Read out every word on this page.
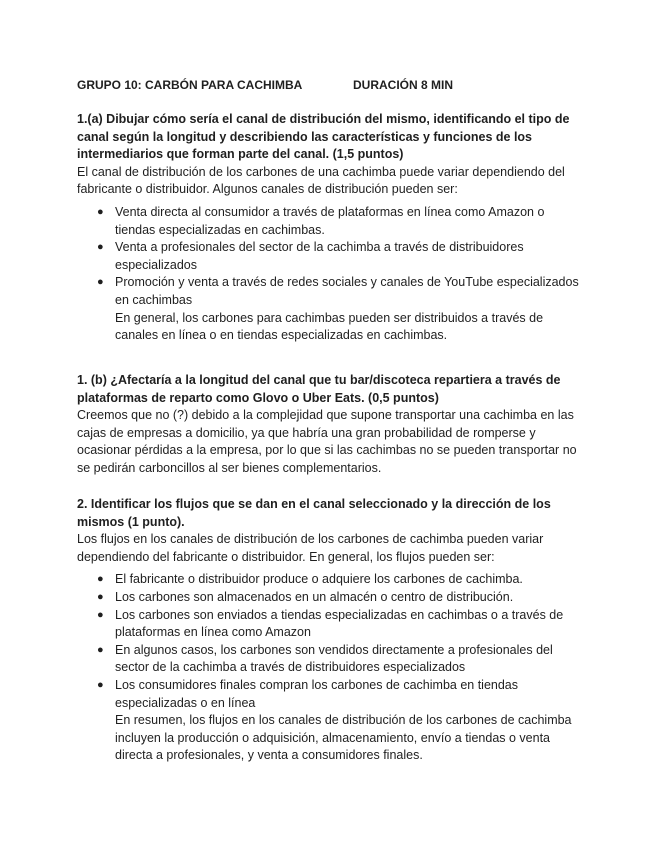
GRUPO 10: CARBÓN PARA CACHIMBA	DURACIÓN 8 MIN

1.(a) Dibujar cómo sería el canal de distribución del mismo, identificando el tipo de canal según la longitud y describiendo las características y funciones de los intermediarios que forman parte del canal. (1,5 puntos)

El canal de distribución de los carbones de una cachimba puede variar dependiendo del fabricante o distribuidor. Algunos canales de distribución pueden ser:

● Venta directa al consumidor a través de plataformas en línea como Amazon o tiendas especializadas en cachimbas.
● Venta a profesionales del sector de la cachimba a través de distribuidores especializados
● Promoción y venta a través de redes sociales y canales de YouTube especializados en cachimbas

En general, los carbones para cachimbas pueden ser distribuidos a través de canales en línea o en tiendas especializadas en cachimbas.

1. (b) ¿Afectaría a la longitud del canal que tu bar/discoteca repartiera a través de plataformas de reparto como Glovo o Uber Eats. (0,5 puntos)

Creemos que no (?) debido a la complejidad que supone transportar una cachimba en las cajas de empresas a domicilio, ya que habría una gran probabilidad de romperse y ocasionar pérdidas a la empresa, por lo que si las cachimbas no se pueden transportar no se pedirán carboncillos al ser bienes complementarios.

2. Identificar los flujos que se dan en el canal seleccionado y la dirección de los mismos (1 punto).

Los flujos en los canales de distribución de los carbones de cachimba pueden variar dependiendo del fabricante o distribuidor. En general, los flujos pueden ser:

● El fabricante o distribuidor produce o adquiere los carbones de cachimba.
● Los carbones son almacenados en un almacén o centro de distribución.
● Los carbones son enviados a tiendas especializadas en cachimbas o a través de plataformas en línea como Amazon
● En algunos casos, los carbones son vendidos directamente a profesionales del sector de la cachimba a través de distribuidores especializados
● Los consumidores finales compran los carbones de cachimba en tiendas especializadas o en línea

En resumen, los flujos en los canales de distribución de los carbones de cachimba incluyen la producción o adquisición, almacenamiento, envío a tiendas o venta directa a profesionales, y venta a consumidores finales.
